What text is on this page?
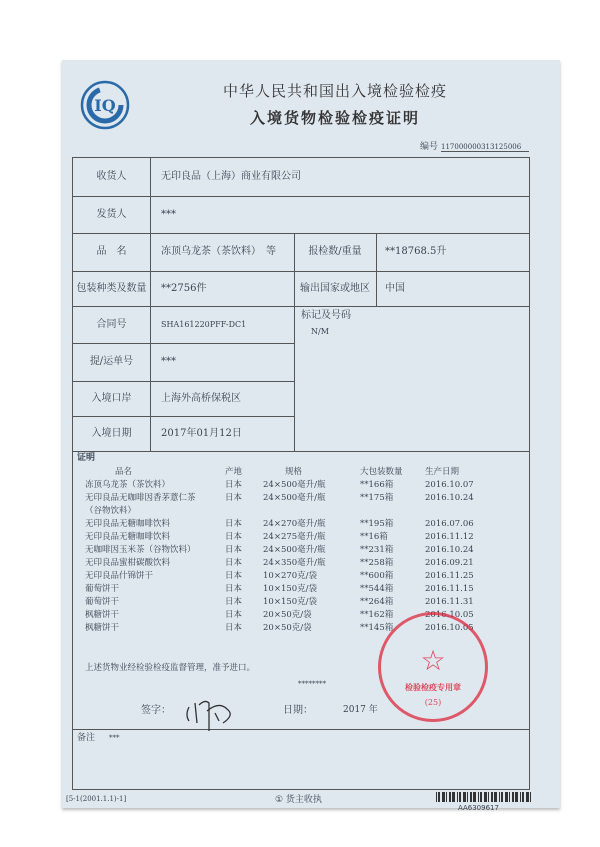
IQ
中华人民共和国出入境检验检疫
入境货物检验检疫证明
编号 117000000313125006
收货人	无印良品（上海）商业有限公司
发货人	***
品　名	冻顶乌龙茶（茶饮料）　等	报检数/重量	**18768.5升
包装种类及数量	**2756件	输出国家或地区	中国
合同号	SHA161220PFF-DC1
标记及号码
N/M
提/运单号	***
入境口岸	上海外高桥保税区
入境日期	2017年01月12日
证明
上述货物业经检验检疫监督管理，准予进口。
********
签字：	日期：	2017 年
备注 ***
品名	产地	规格	大包装数量	生产日期
冻顶乌龙茶（茶饮料）	日本 24×500毫升/瓶	**166箱	2016.10.07
无印良品无咖啡因香茅薏仁茶	日本 24×500毫升/瓶	**175箱	2016.10.24
（谷物饮料）
无印良品无糖咖啡饮料	日本 24×270毫升/瓶	**195箱	2016.07.06
无印良品无糖咖啡饮料	日本 24×275毫升/瓶	**16箱	2016.11.12
无咖啡因玉米茶（谷物饮料）	日本 24×500毫升/瓶	**231箱	2016.10.24
无印良品蜜柑碳酸饮料	日本 24×350毫升/瓶	**258箱	2016.09.21
无印良品什锦饼干	日本 10×270克/袋	**600箱	2016.11.25
葡萄饼干	日本 10×150克/袋	**544箱	2016.11.15
葡萄饼干	日本 10×150克/袋	**264箱	2016.11.31
枫糖饼干	日本 20×50克/袋	**162箱	2016.10.05
枫糖饼干	日本 20×50克/袋	**145箱	2016.10.05
☆
检验检疫专用章
(25)
[5-1(2001.1.1)-1]	① 货主收执
AA6309617
